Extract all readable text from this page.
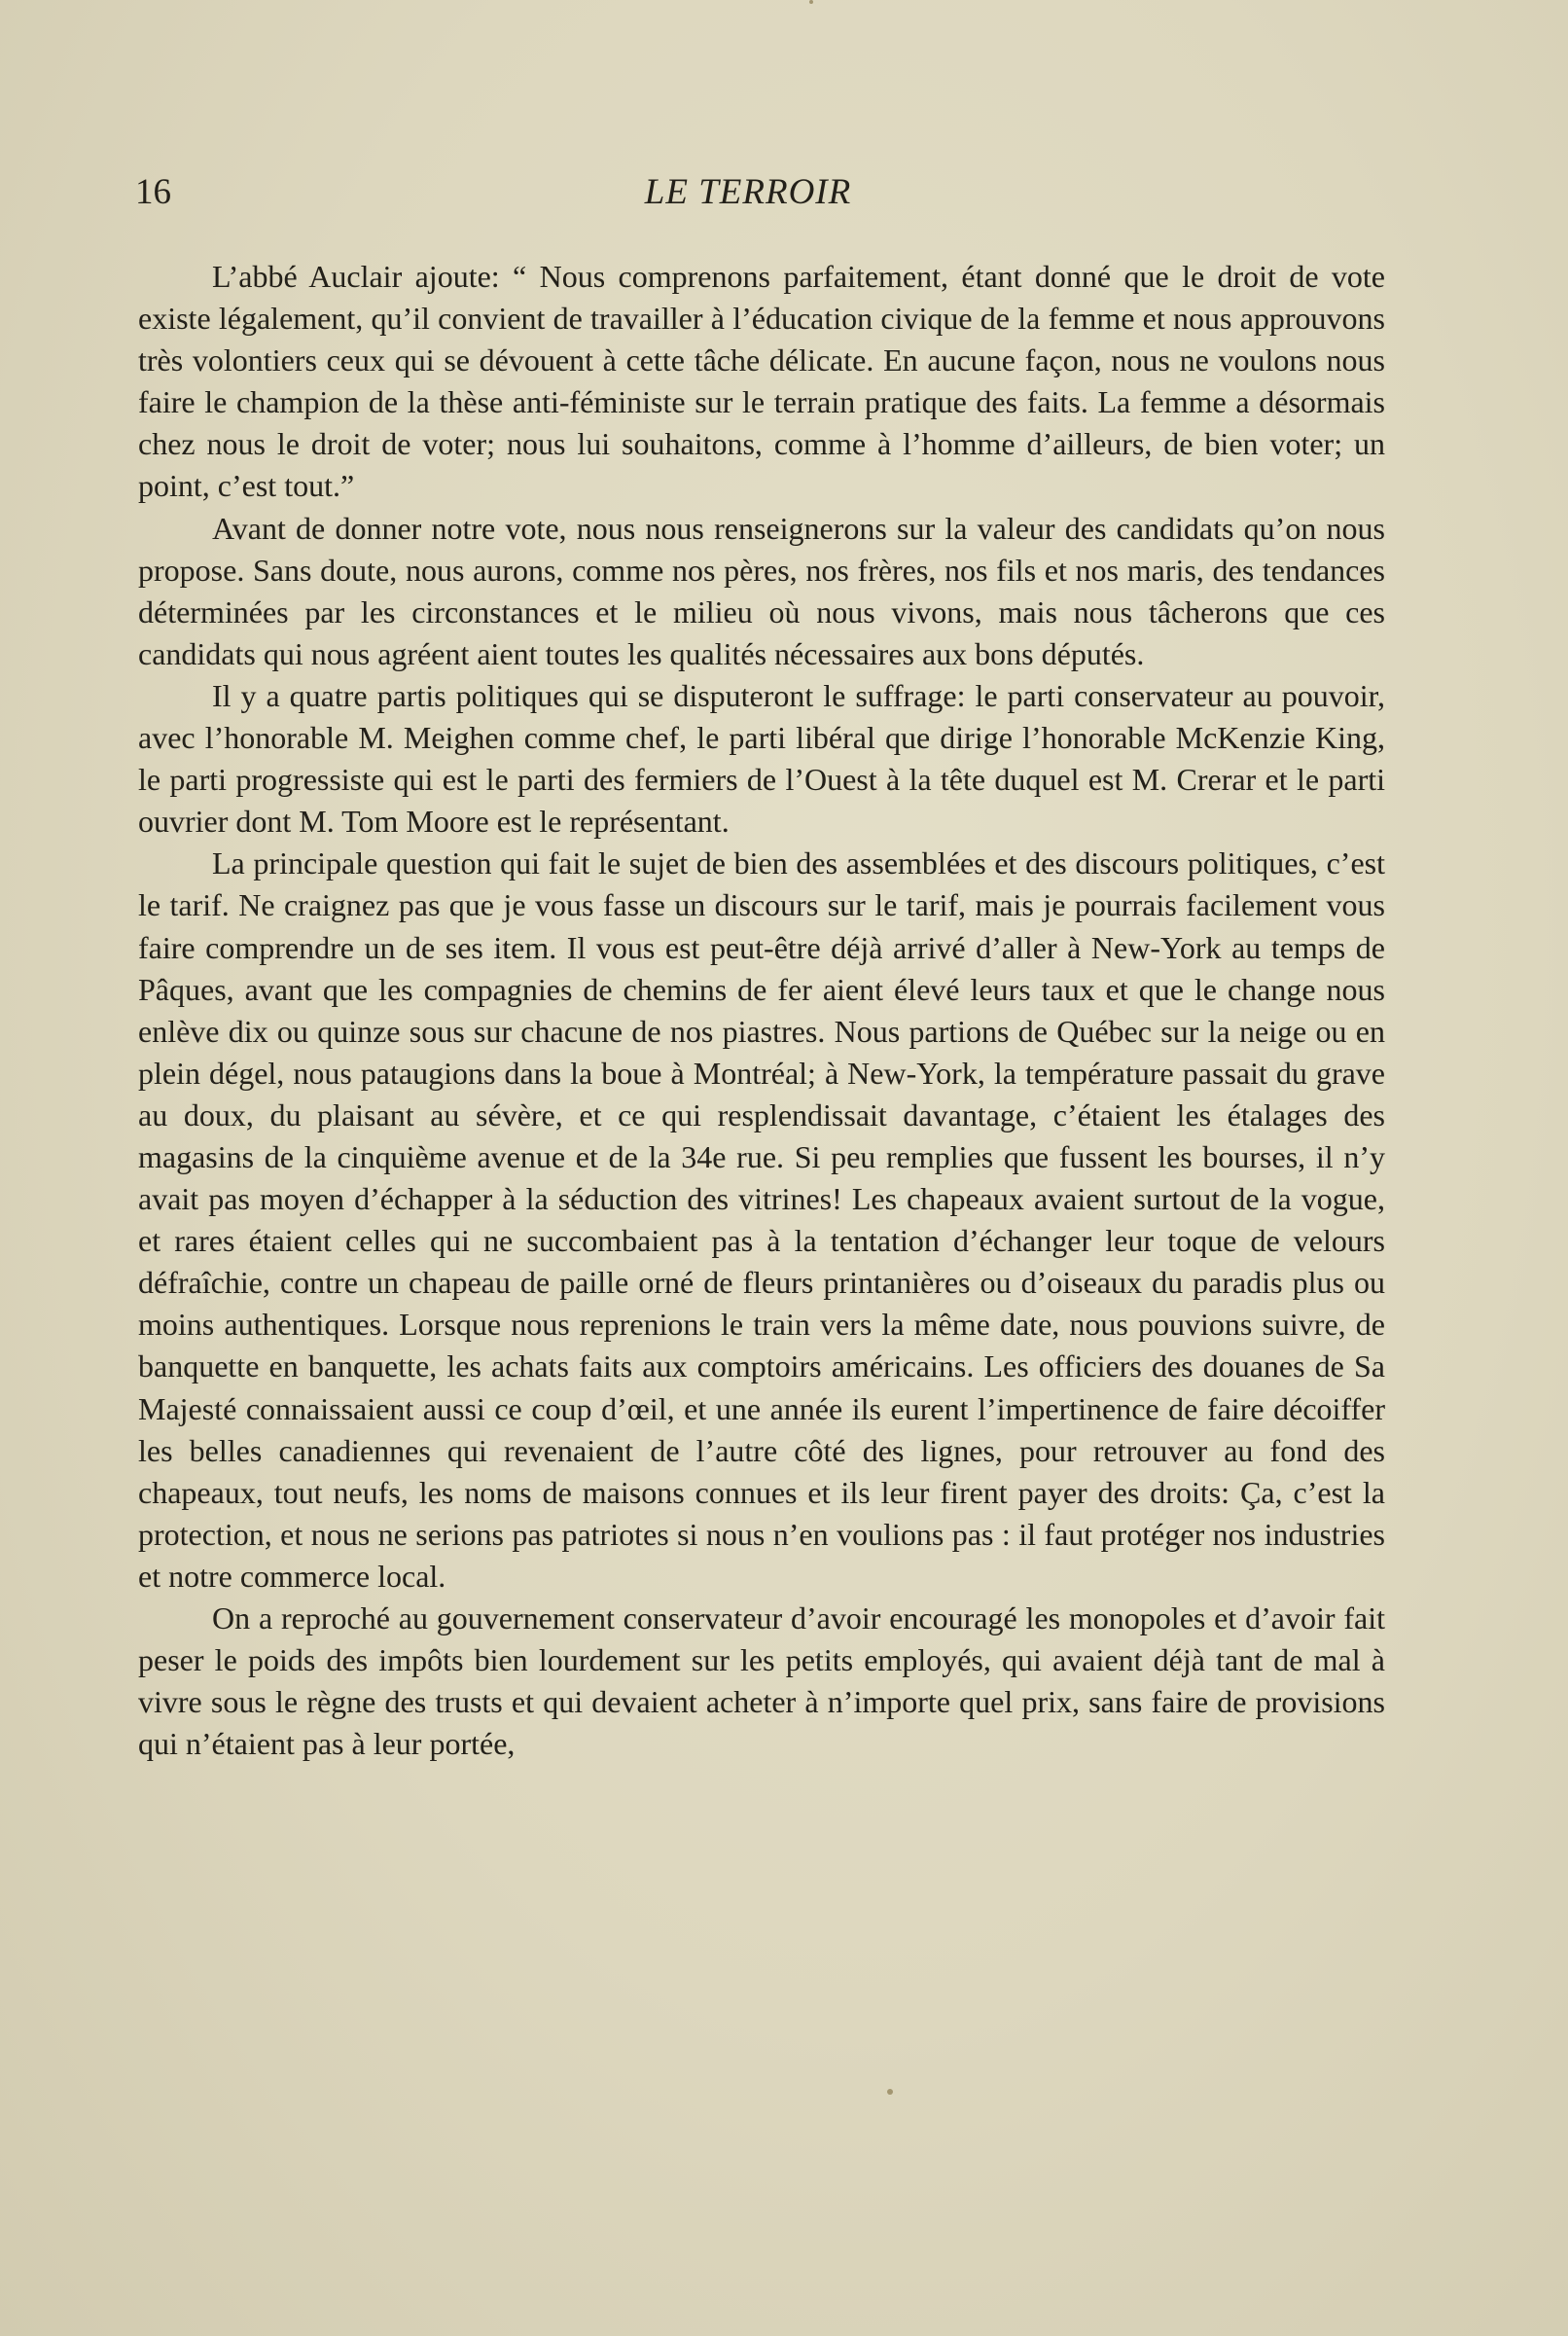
16	LE TERROIR

L’abbé Auclair ajoute: “ Nous comprenons parfaitement, étant donné que le droit de vote existe légalement, qu’il convient de travailler à l’éducation civique de la femme et nous approuvons très volontiers ceux qui se dévouent à cette tâche délicate. En aucune façon, nous ne voulons nous faire le champion de la thèse anti-féministe sur le terrain pratique des faits. La femme a désormais chez nous le droit de voter; nous lui souhaitons, comme à l’homme d’ailleurs, de bien voter; un point, c’est tout.”

Avant de donner notre vote, nous nous renseignerons sur la valeur des candidats qu’on nous propose. Sans doute, nous aurons, comme nos pères, nos frères, nos fils et nos maris, des tendances déterminées par les circonstances et le milieu où nous vivons, mais nous tâcherons que ces candidats qui nous agréent aient toutes les qualités nécessaires aux bons députés.

Il y a quatre partis politiques qui se disputeront le suffrage: le parti conservateur au pouvoir, avec l’honorable M. Meighen comme chef, le parti libéral que dirige l’honorable McKenzie King, le parti progressiste qui est le parti des fermiers de l’Ouest à la tête duquel est M. Crerar et le parti ouvrier dont M. Tom Moore est le représentant.

La principale question qui fait le sujet de bien des assemblées et des discours politiques, c’est le tarif. Ne craignez pas que je vous fasse un discours sur le tarif, mais je pourrais facilement vous faire comprendre un de ses item. Il vous est peut-être déjà arrivé d’aller à New-York au temps de Pâques, avant que les compagnies de chemins de fer aient élevé leurs taux et que le change nous enlève dix ou quinze sous sur chacune de nos piastres. Nous partions de Québec sur la neige ou en plein dégel, nous pataugions dans la boue à Montréal; à New-York, la température passait du grave au doux, du plaisant au sévère, et ce qui resplendissait davantage, c’étaient les étalages des magasins de la cinquième avenue et de la 34e rue. Si peu remplies que fussent les bourses, il n’y avait pas moyen d’échapper à la séduction des vitrines! Les chapeaux avaient surtout de la vogue, et rares étaient celles qui ne succombaient pas à la tentation d’échanger leur toque de velours défraîchie, contre un chapeau de paille orné de fleurs printanières ou d’oiseaux du paradis plus ou moins authentiques. Lorsque nous reprenions le train vers la même date, nous pouvions suivre, de banquette en banquette, les achats faits aux comptoirs américains. Les officiers des douanes de Sa Majesté connaissaient aussi ce coup d’œil, et une année ils eurent l’impertinence de faire décoiffer les belles canadiennes qui revenaient de l’autre côté des lignes, pour retrouver au fond des chapeaux, tout neufs, les noms de maisons connues et ils leur firent payer des droits: Ça, c’est la protection, et nous ne serions pas patriotes si nous n’en voulions pas : il faut protéger nos industries et notre commerce local.

On a reproché au gouvernement conservateur d’avoir encouragé les monopoles et d’avoir fait peser le poids des impôts bien lourdement sur les petits employés, qui avaient déjà tant de mal à vivre sous le règne des trusts et qui devaient acheter à n’importe quel prix, sans faire de provisions qui n’étaient pas à leur portée,
